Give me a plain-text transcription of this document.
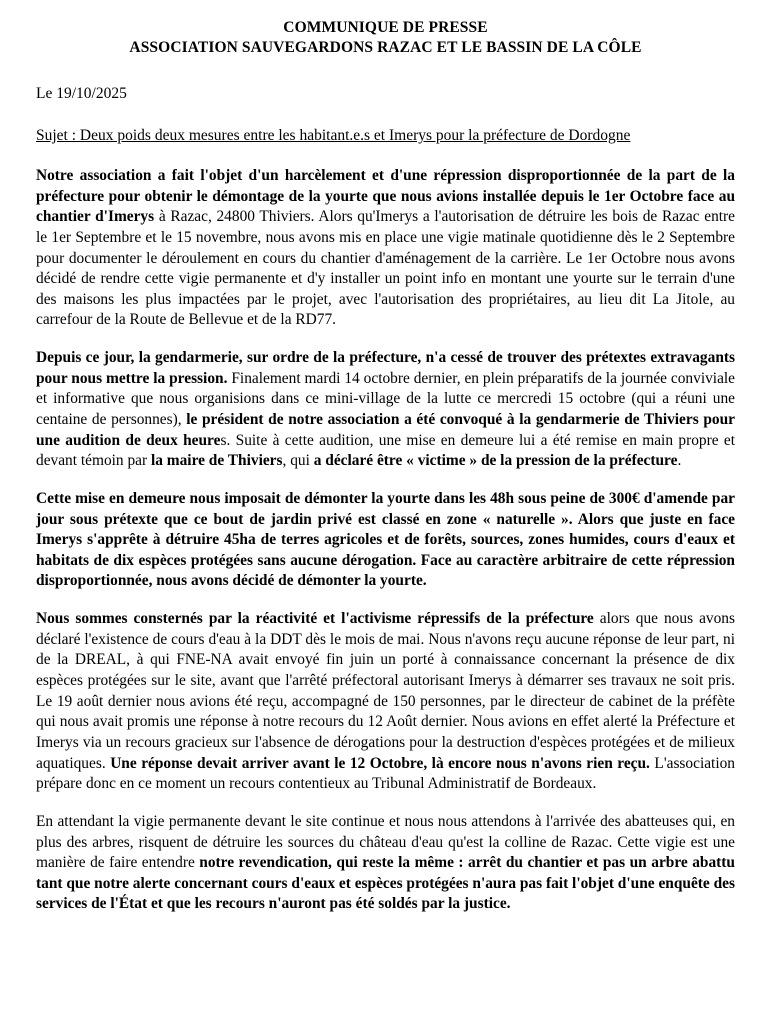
COMMUNIQUE DE PRESSE
ASSOCIATION SAUVEGARDONS RAZAC ET LE BASSIN DE LA CÔLE
Le 19/10/2025
Sujet : Deux poids deux mesures entre les habitant.e.s et Imerys pour la préfecture de Dordogne

Notre association a fait l'objet d'un harcèlement et d'une répression disproportionnée de la part de la préfecture pour obtenir le démontage de la yourte que nous avions installée depuis le 1er Octobre face au chantier d'Imerys à Razac, 24800 Thiviers. Alors qu'Imerys a l'autorisation de détruire les bois de Razac entre le 1er Septembre et le 15 novembre, nous avons mis en place une vigie matinale quotidienne dès le 2 Septembre pour documenter le déroulement en cours du chantier d'aménagement de la carrière. Le 1er Octobre nous avons décidé de rendre cette vigie permanente et d'y installer un point info en montant une yourte sur le terrain d'une des maisons les plus impactées par le projet, avec l'autorisation des propriétaires, au lieu dit La Jitole, au carrefour de la Route de Bellevue et de la RD77.

Depuis ce jour, la gendarmerie, sur ordre de la préfecture, n'a cessé de trouver des prétextes extravagants pour nous mettre la pression. Finalement mardi 14 octobre dernier, en plein préparatifs de la journée conviviale et informative que nous organisions dans ce mini-village de la lutte ce mercredi 15 octobre (qui a réuni une centaine de personnes), le président de notre association a été convoqué à la gendarmerie de Thiviers pour une audition de deux heures. Suite à cette audition, une mise en demeure lui a été remise en main propre et devant témoin par la maire de Thiviers, qui a déclaré être « victime » de la pression de la préfecture.

Cette mise en demeure nous imposait de démonter la yourte dans les 48h sous peine de 300€ d'amende par jour sous prétexte que ce bout de jardin privé est classé en zone « naturelle ». Alors que juste en face Imerys s'apprête à détruire 45ha de terres agricoles et de forêts, sources, zones humides, cours d'eaux et habitats de dix espèces protégées sans aucune dérogation. Face au caractère arbitraire de cette répression disproportionnée, nous avons décidé de démonter la yourte.

Nous sommes consternés par la réactivité et l'activisme répressifs de la préfecture alors que nous avons déclaré l'existence de cours d'eau à la DDT dès le mois de mai. Nous n'avons reçu aucune réponse de leur part, ni de la DREAL, à qui FNE-NA avait envoyé fin juin un porté à connaissance concernant la présence de dix espèces protégées sur le site, avant que l'arrêté préfectoral autorisant Imerys à démarrer ses travaux ne soit pris. Le 19 août dernier nous avions été reçu, accompagné de 150 personnes, par le directeur de cabinet de la préfète qui nous avait promis une réponse à notre recours du 12 Août dernier. Nous avions en effet alerté la Préfecture et Imerys via un recours gracieux sur l'absence de dérogations pour la destruction d'espèces protégées et de milieux aquatiques. Une réponse devait arriver avant le 12 Octobre, là encore nous n'avons rien reçu. L'association prépare donc en ce moment un recours contentieux au Tribunal Administratif de Bordeaux.

En attendant la vigie permanente devant le site continue et nous nous attendons à l'arrivée des abatteuses qui, en plus des arbres, risquent de détruire les sources du château d'eau qu'est la colline de Razac. Cette vigie est une manière de faire entendre notre revendication, qui reste la même : arrêt du chantier et pas un arbre abattu tant que notre alerte concernant cours d'eaux et espèces protégées n'aura pas fait l'objet d'une enquête des services de l'État et que les recours n'auront pas été soldés par la justice.
